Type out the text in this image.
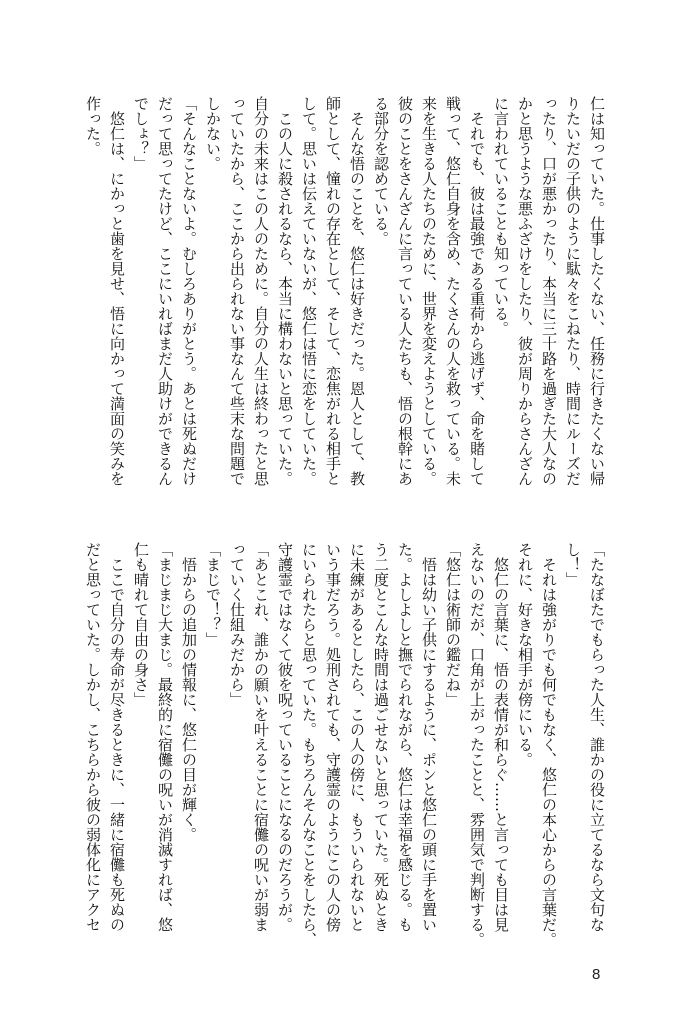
仁は知っていた。仕事したくない、任務に行きたくない帰
りたいだの子供のように駄々をこねたり、時間にルーズだ
ったり、口が悪かったり、本当に三十路を過ぎた大人なの
かと思うような悪ふざけをしたり、彼が周りからさんざん
に言われていることも知っている。
　それでも、彼は最強である重荷から逃げず、命を賭して
戦って、悠仁自身を含め、たくさんの人を救っている。未
来を生きる人たちのために、世界を変えようとしている。
彼のことをさんざんに言っている人たちも、悟の根幹にあ
る部分を認めている。
　そんな悟のことを、悠仁は好きだった。恩人として、教
師として、憧れの存在として、そして、恋焦がれる相手と
して。思いは伝えていないが、悠仁は悟に恋をしていた。
　この人に殺されるなら、本当に構わないと思っていた。
自分の未来はこの人のために。自分の人生は終わったと思
っていたから、ここから出られない事なんて些末な問題で
しかない。
「そんなことないよ。むしろありがとう。あとは死ぬだけ
だって思ってたけど、ここにいればまだ人助けができるん
でしょ？」
　悠仁は、にかっと歯を見せ、悟に向かって満面の笑みを
作った。
「たなぼたでもらった人生、誰かの役に立てるなら文句な
し！」
　それは強がりでも何でもなく、悠仁の本心からの言葉だ。
それに、好きな相手が傍にいる。
　悠仁の言葉に、悟の表情が和らぐ……と言っても目は見
えないのだが、口角が上がったことと、雰囲気で判断する。
「悠仁は術師の鑑だね」
　悟は幼い子供にするように、ポンと悠仁の頭に手を置い
た。よしよしと撫でられながら、悠仁は幸福を感じる。も
う二度とこんな時間は過ごせないと思っていた。死ぬとき
に未練があるとしたら、この人の傍に、もういられないと
いう事だろう。処刑されても、守護霊のようにこの人の傍
にいられたらと思っていた。もちろんそんなことをしたら、
守護霊ではなくて彼を呪っていることになるのだろうが。
「あとこれ、誰かの願いを叶えることに宿儺の呪いが弱ま
っていく仕組みだから」
「まじで！？」
　悟からの追加の情報に、悠仁の目が輝く。
「まじまじ大まじ。最終的に宿儺の呪いが消滅すれば、悠
仁も晴れて自由の身さ」
　ここで自分の寿命が尽きるときに、一緒に宿儺も死ぬの
だと思っていた。しかし、こちらから彼の弱体化にアクセ
8
